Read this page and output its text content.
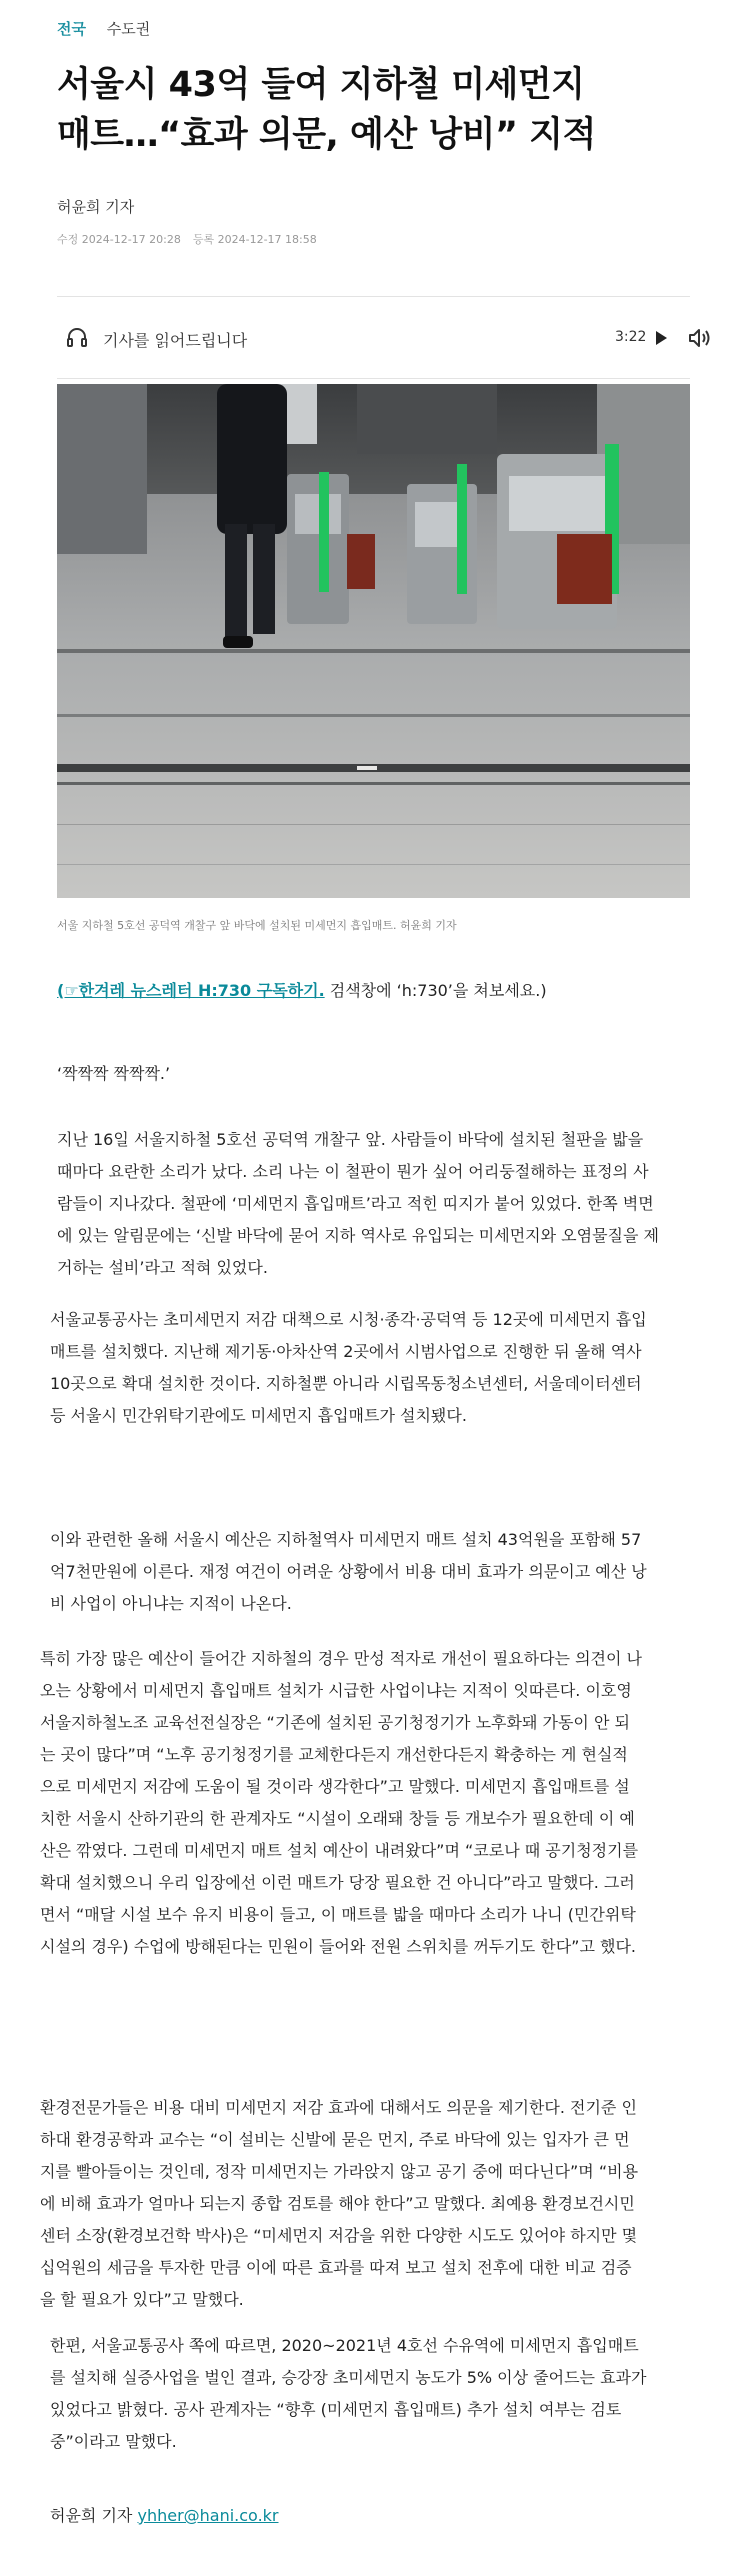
전국 수도권
서울시 43억 들여 지하철 미세먼지
매트…“효과 의문, 예산 낭비” 지적
허윤희 기자
수정 2024-12-17 20:28 등록 2024-12-17 18:58
기사를 읽어드립니다	3:22
서울 지하철 5호선 공덕역 개찰구 앞 바닥에 설치된 미세먼지 흡입매트. 허윤희 기자

(☞한겨레 뉴스레터 H:730 구독하기. 검색창에 ‘h:730’을 쳐보세요.)

‘짝짝짝 짝짝짝.’

지난 16일 서울지하철 5호선 공덕역 개찰구 앞. 사람들이 바닥에 설치된 철판을 밟을
때마다 요란한 소리가 났다. 소리 나는 이 철판이 뭔가 싶어 어리둥절해하는 표정의 사
람들이 지나갔다. 철판에 ‘미세먼지 흡입매트’라고 적힌 띠지가 붙어 있었다. 한쪽 벽면
에 있는 알림문에는 ‘신발 바닥에 묻어 지하 역사로 유입되는 미세먼지와 오염물질을 제
거하는 설비’라고 적혀 있었다.

서울교통공사는 초미세먼지 저감 대책으로 시청·종각·공덕역 등 12곳에 미세먼지 흡입
매트를 설치했다. 지난해 제기동·아차산역 2곳에서 시범사업으로 진행한 뒤 올해 역사
10곳으로 확대 설치한 것이다. 지하철뿐 아니라 시립목동청소년센터, 서울데이터센터
등 서울시 민간위탁기관에도 미세먼지 흡입매트가 설치됐다.

이와 관련한 올해 서울시 예산은 지하철역사 미세먼지 매트 설치 43억원을 포함해 57
억7천만원에 이른다. 재정 여건이 어려운 상황에서 비용 대비 효과가 의문이고 예산 낭
비 사업이 아니냐는 지적이 나온다.

특히 가장 많은 예산이 들어간 지하철의 경우 만성 적자로 개선이 필요하다는 의견이 나
오는 상황에서 미세먼지 흡입매트 설치가 시급한 사업이냐는 지적이 잇따른다. 이호영
서울지하철노조 교육선전실장은 “기존에 설치된 공기청정기가 노후화돼 가동이 안 되
는 곳이 많다”며 “노후 공기청정기를 교체한다든지 개선한다든지 확충하는 게 현실적
으로 미세먼지 저감에 도움이 될 것이라 생각한다”고 말했다. 미세먼지 흡입매트를 설
치한 서울시 산하기관의 한 관계자도 “시설이 오래돼 창들 등 개보수가 필요한데 이 예
산은 깎였다. 그런데 미세먼지 매트 설치 예산이 내려왔다”며 “코로나 때 공기청정기를
확대 설치했으니 우리 입장에선 이런 매트가 당장 필요한 건 아니다”라고 말했다. 그러
면서 “매달 시설 보수 유지 비용이 들고, 이 매트를 밟을 때마다 소리가 나니 (민간위탁
시설의 경우) 수업에 방해된다는 민원이 들어와 전원 스위치를 꺼두기도 한다”고 했다.

환경전문가들은 비용 대비 미세먼지 저감 효과에 대해서도 의문을 제기한다. 전기준 인
하대 환경공학과 교수는 “이 설비는 신발에 묻은 먼지, 주로 바닥에 있는 입자가 큰 먼
지를 빨아들이는 것인데, 정작 미세먼지는 가라앉지 않고 공기 중에 떠다닌다”며 “비용
에 비해 효과가 얼마나 되는지 종합 검토를 해야 한다”고 말했다. 최예용 환경보건시민
센터 소장(환경보건학 박사)은 “미세먼지 저감을 위한 다양한 시도도 있어야 하지만 몇
십억원의 세금을 투자한 만큼 이에 따른 효과를 따져 보고 설치 전후에 대한 비교 검증
을 할 필요가 있다”고 말했다.

한편, 서울교통공사 쪽에 따르면, 2020~2021년 4호선 수유역에 미세먼지 흡입매트
를 설치해 실증사업을 벌인 결과, 승강장 초미세먼지 농도가 5% 이상 줄어드는 효과가
있었다고 밝혔다. 공사 관계자는 “향후 (미세먼지 흡입매트) 추가 설치 여부는 검토
중”이라고 말했다.

허윤희 기자 yhher@hani.co.kr
